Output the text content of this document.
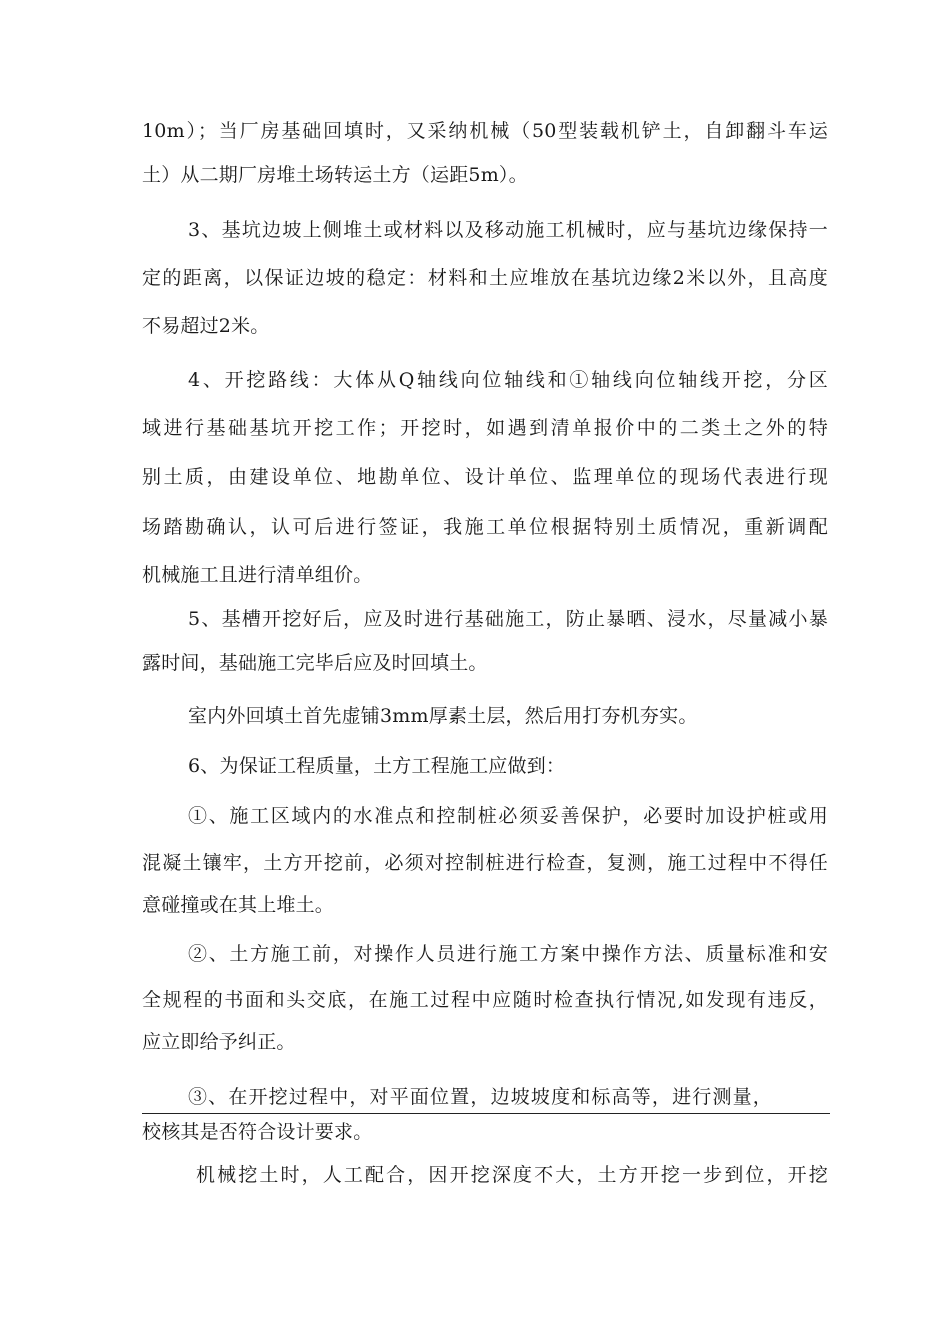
10m）；当厂房基础回填时，又采纳机械（50型装载机铲土，自卸翻斗车运

土）从二期厂房堆土场转运土方（运距5m）。

3、基坑边坡上侧堆土或材料以及移动施工机械时，应与基坑边缘保持一

定的距离，以保证边坡的稳定：材料和土应堆放在基坑边缘2米以外，且高度

不易超过2米。

4、开挖路线：大体从Q轴线向位轴线和①轴线向位轴线开挖，分区

域进行基础基坑开挖工作；开挖时，如遇到清单报价中的二类土之外的特

别土质，由建设单位、地勘单位、设计单位、监理单位的现场代表进行现

场踏勘确认，认可后进行签证，我施工单位根据特别土质情况，重新调配

机械施工且进行清单组价。

5、基槽开挖好后，应及时进行基础施工，防止暴晒、浸水，尽量减小暴

露时间，基础施工完毕后应及时回填土。

室内外回填土首先虚铺3mm厚素土层，然后用打夯机夯实。

6、为保证工程质量，土方工程施工应做到：

①、施工区域内的水准点和控制桩必须妥善保护，必要时加设护桩或用

混凝土镶牢，土方开挖前，必须对控制桩进行检查，复测，施工过程中不得任

意碰撞或在其上堆土。

②、土方施工前，对操作人员进行施工方案中操作方法、质量标准和安

全规程的书面和头交底，在施工过程中应随时检查执行情况,如发现有违反，

应立即给予纠正。

③、在开挖过程中，对平面位置，边坡坡度和标高等，进行测量，

校核其是否符合设计要求。

机械挖土时，人工配合，因开挖深度不大，土方开挖一步到位，开挖
